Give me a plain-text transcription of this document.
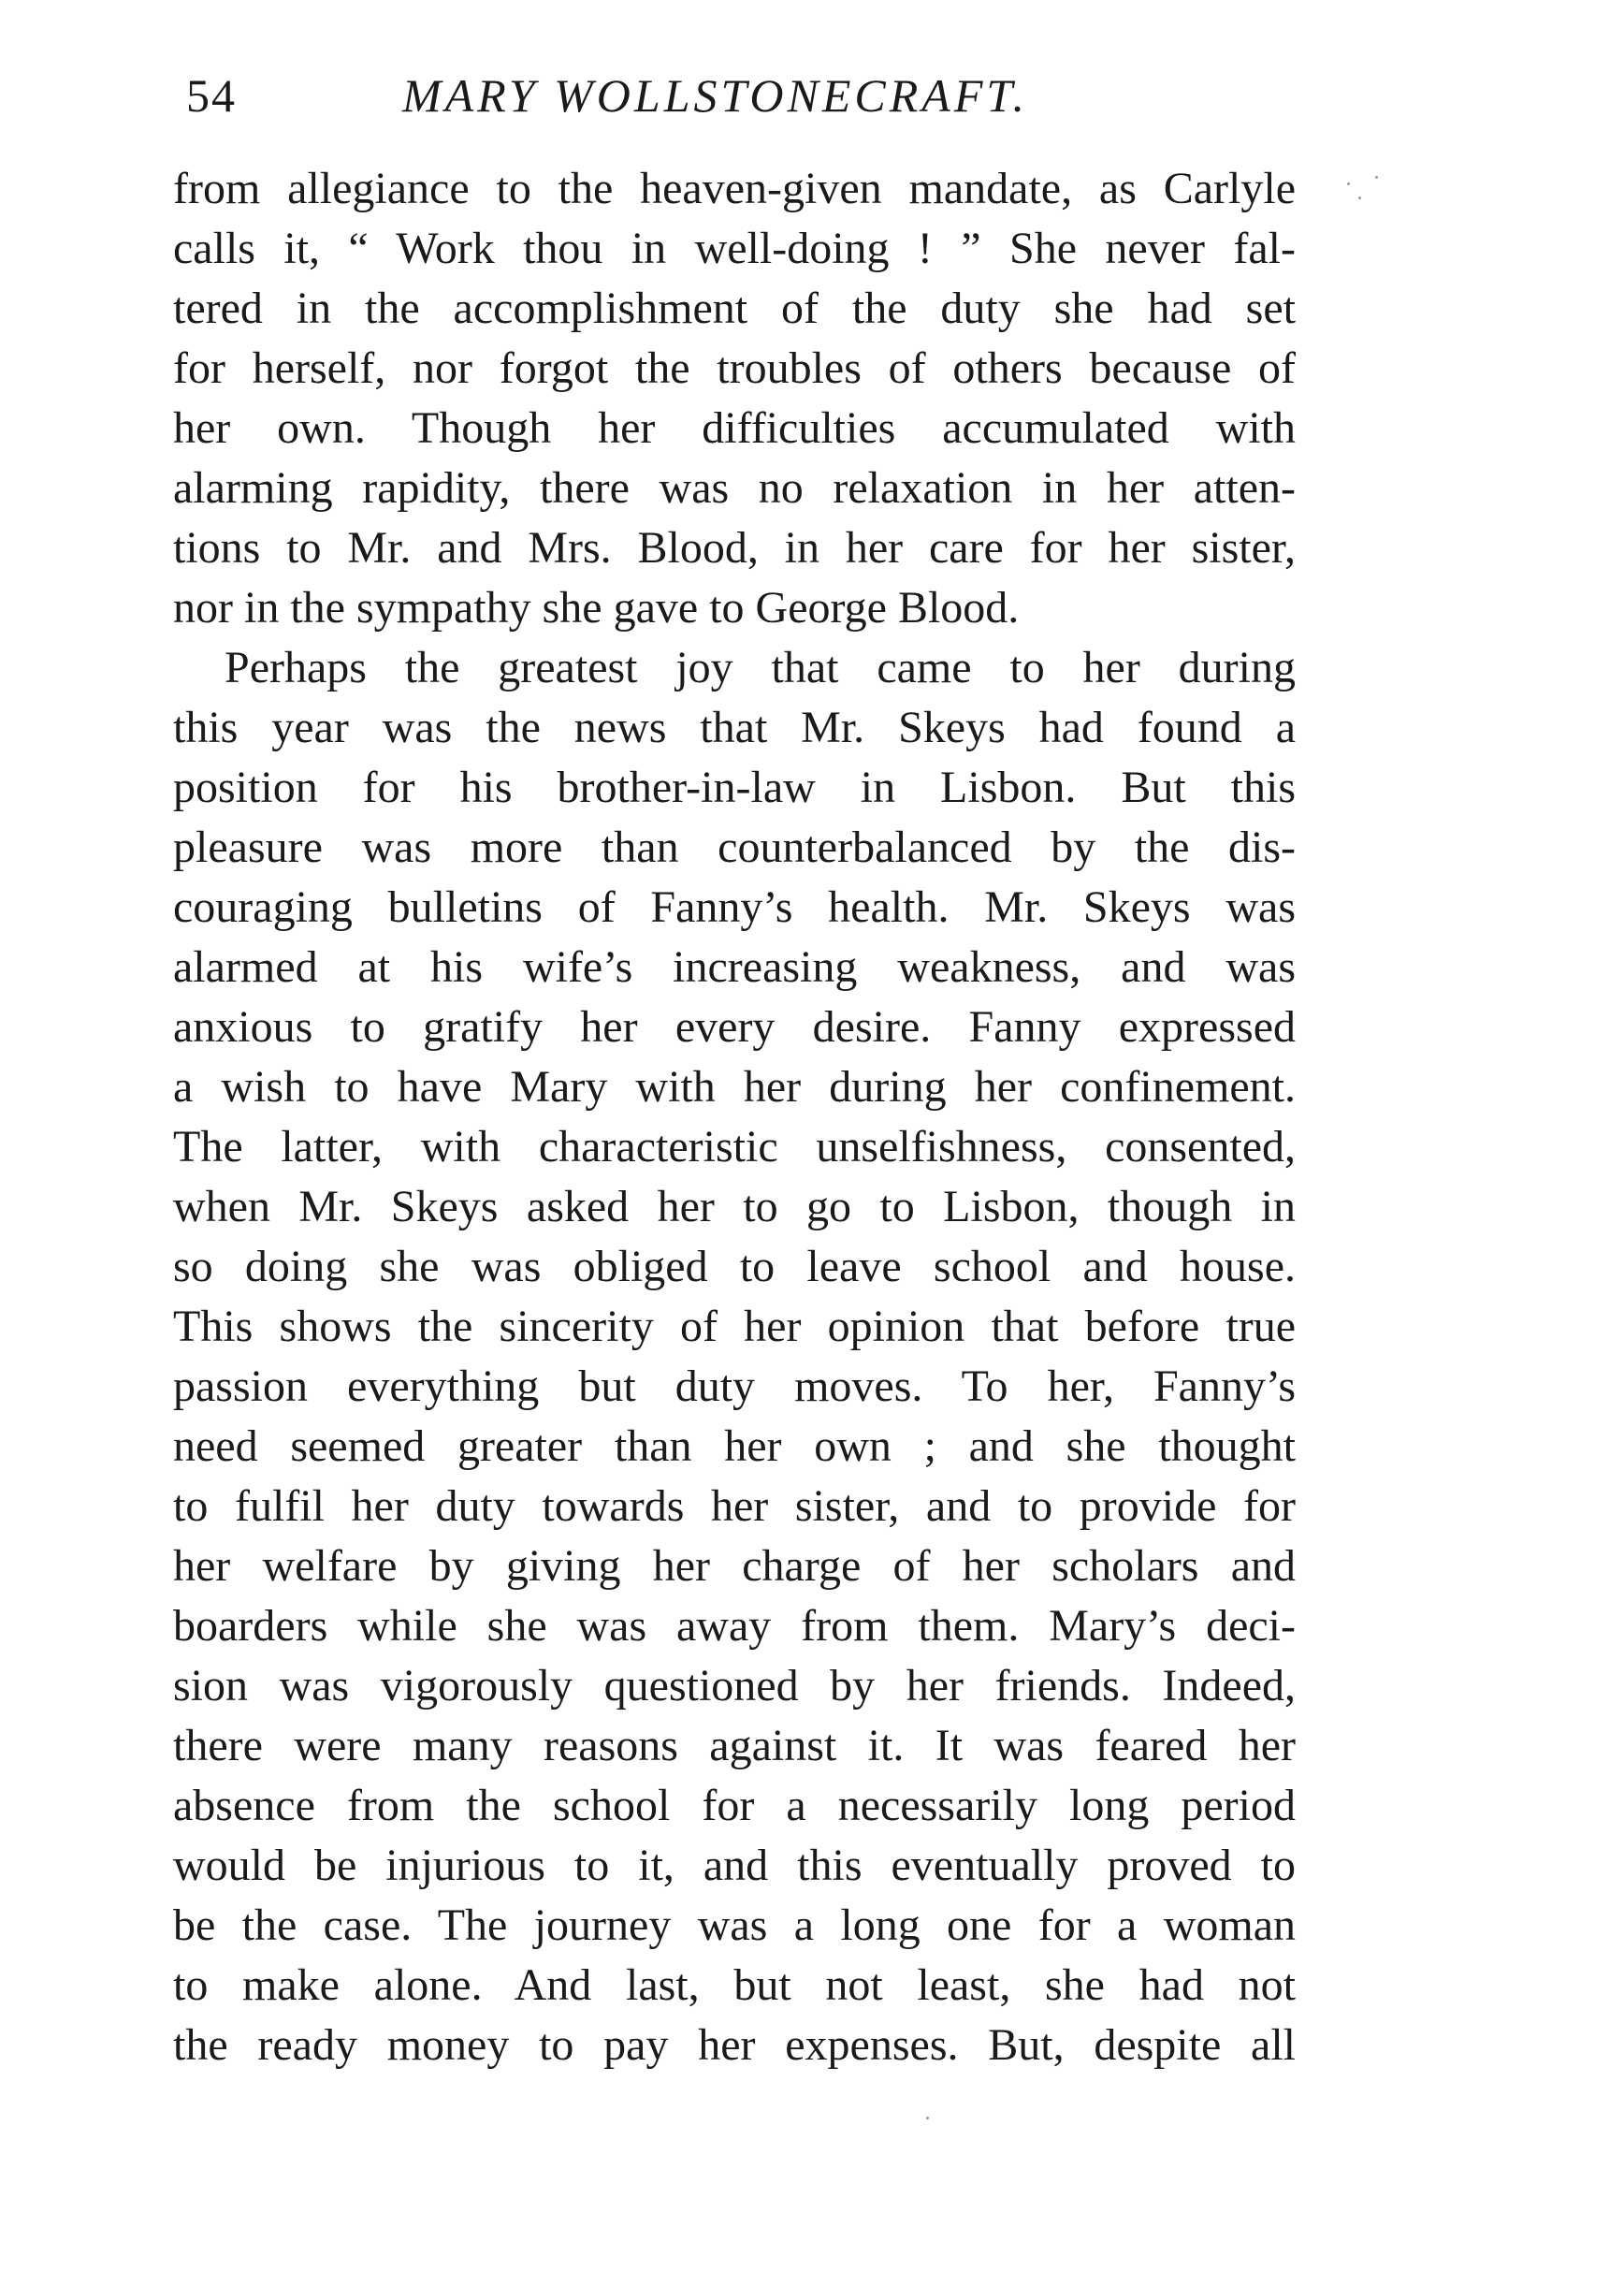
54	MARY WOLLSTONECRAFT.
from allegiance to the heaven-given mandate, as Carlyle
calls it, “ Work thou in well-doing ! ” She never fal-
tered in the accomplishment of the duty she had set
for herself, nor forgot the troubles of others because of
her own. Though her difficulties accumulated with
alarming rapidity, there was no relaxation in her atten-
tions to Mr. and Mrs. Blood, in her care for her sister,
nor in the sympathy she gave to George Blood.
Perhaps the greatest joy that came to her during
this year was the news that Mr. Skeys had found a
position for his brother-in-law in Lisbon. But this
pleasure was more than counterbalanced by the dis-
couraging bulletins of Fanny’s health. Mr. Skeys was
alarmed at his wife’s increasing weakness, and was
anxious to gratify her every desire. Fanny expressed
a wish to have Mary with her during her confinement.
The latter, with characteristic unselfishness, consented,
when Mr. Skeys asked her to go to Lisbon, though in
so doing she was obliged to leave school and house.
This shows the sincerity of her opinion that before true
passion everything but duty moves. To her, Fanny’s
need seemed greater than her own ; and she thought
to fulfil her duty towards her sister, and to provide for
her welfare by giving her charge of her scholars and
boarders while she was away from them. Mary’s deci-
sion was vigorously questioned by her friends. Indeed,
there were many reasons against it. It was feared her
absence from the school for a necessarily long period
would be injurious to it, and this eventually proved to
be the case. The journey was a long one for a woman
to make alone. And last, but not least, she had not
the ready money to pay her expenses. But, despite all
